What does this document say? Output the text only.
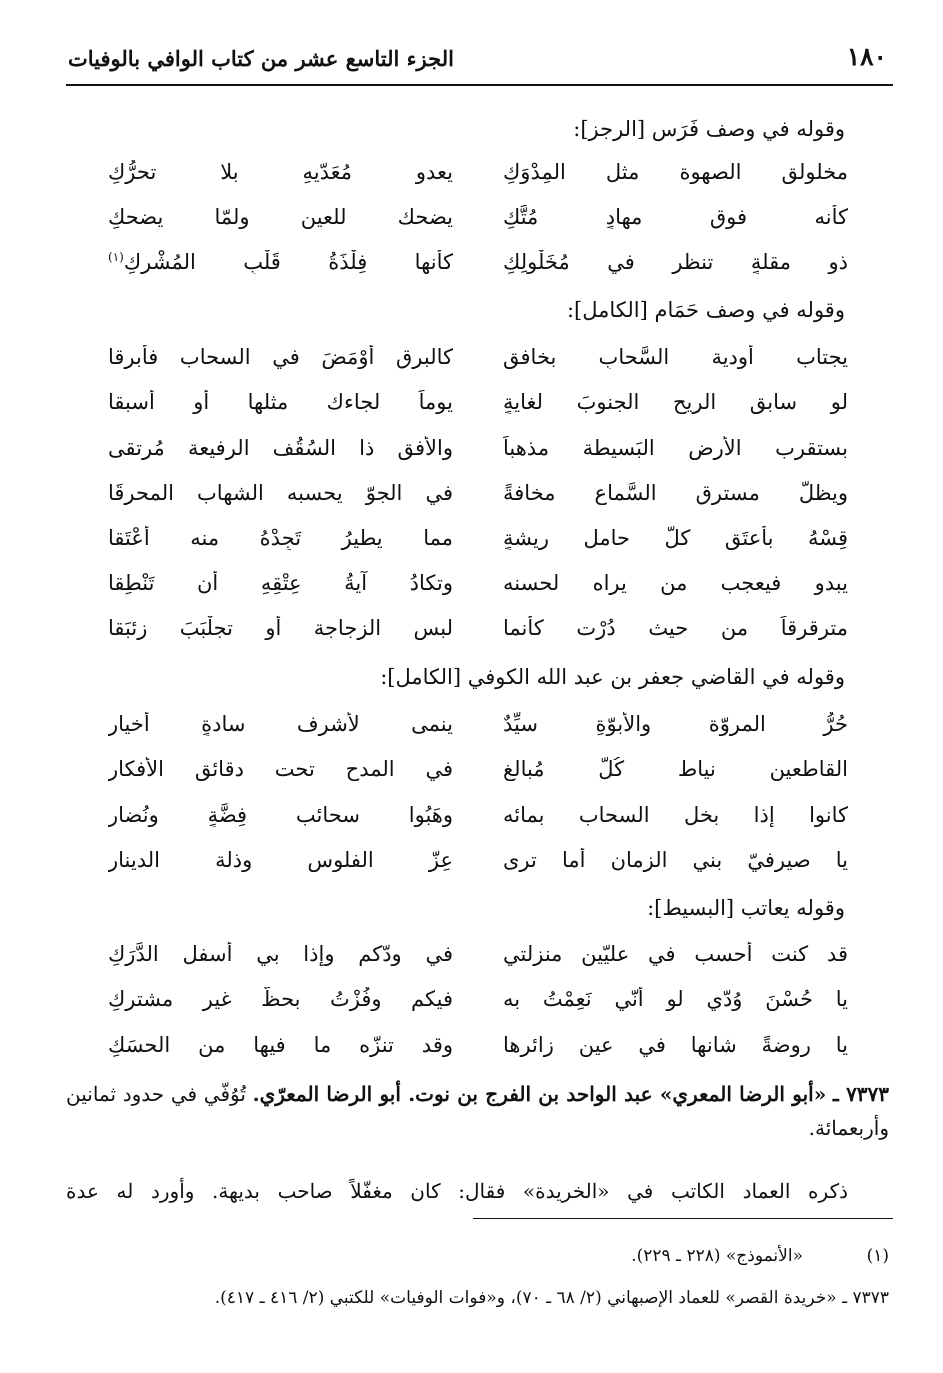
١٨٠
الجزء التاسع عشر من كتاب الوافي بالوفيات
وقوله في وصف فَرَس [الرجز]:
مخلولق الصهوة مثل المِدْوَكِ
يعدو مُعَدّيهِ بلا تحرُّكِ
كأنه فوق مهادٍ مُتَّكِ
يضحك للعين ولمّا يضحكِ
ذو مقلةٍ تنظر في مُخَلْوِلِكِ
كأنها فِلْذَةُ قَلْبِ المُشْرِكِ$^{(١)}$
وقوله في وصف حَمَام [الكامل]:
يجتاب أودية السَّحابِ بخافقٍ
كالبرق أَوْمَضَ في السحاب فأبرقا
لو سابق الريح الجنوبَ لغايةٍ
يوماً لجاءك مثلها أو أسبقا
بستقرب الأرض البَسيطة مذهباً
والأفق ذا السُقُف الرفيعة مُرتقى
ويظلُّ مسترق السَّماع مخافةً
في الجوّ يحسبه الشهاب المحرقَا
قِسْهُ بأعتَقِ كلّ حامل ريشةٍ
مما يطيرُ تَجِدْهُ منه أعْتَقا
يبدو فيعجب من يراه لحسنه
وتكادُ آيةُ عِتْقِهِ أن تَنْطِقا
مترقرقاً من حيث دُرْت كأنما
لبس الزجاجة أو تجلْبَبَ زئبَقا
وقوله في القاضي جعفر بن عبد الله الكوفي [الكامل]:
حُرُّ المروّة والأبوّةِ سيِّدٌ
ينمى لأشرف سادةٍ أخيارِ
القاطعين نياط كُلّ مُبالغٍ
في المدح تحت دقائق الأفكار
كانوا إذا بخل السحاب بمائه
وهَبُوا سحائب فِضَّةٍ ونُضار
يا صيرفيّ بني الزمان أما ترى
عِزّ الفلوس وذلة الدينار
وقوله يعاتب [البسيط]:
قد كنت أحسب في عليّين منزلتي
في وِدّكم وإذا بي أسفل الدَّرَكِ
يا حُسْنَ وُدّي لو أنّي نَعِمْتُ به
فيكم وفُزْتُ بحظّ غير مشتركِ
يا روضةً شانها في عين زائرها
وقد تنزّه ما فيها من الحسَكِ
٧٣٧٣ ـ «أبو الرضا المعري» عبد الواحد بن الفرج بن نوت. أبو الرضا المعرّي. تُوُفّي في حدود ثمانين وأربعمائة.
ذكره العماد الكاتب في «الخريدة» فقال: كان مغفّلاً صاحب بديهة. وأورد له عدة
(١)«الأنموذج» (٢٢٨ ـ ٢٢٩).
٧٣٧٣ ـ «خريدة القصر» للعماد الإصبهاني (٢/ ٦٨ ـ ٧٠)، و«فوات الوفيات» للكتبي (٢/ ٤١٦ ـ ٤١٧).
